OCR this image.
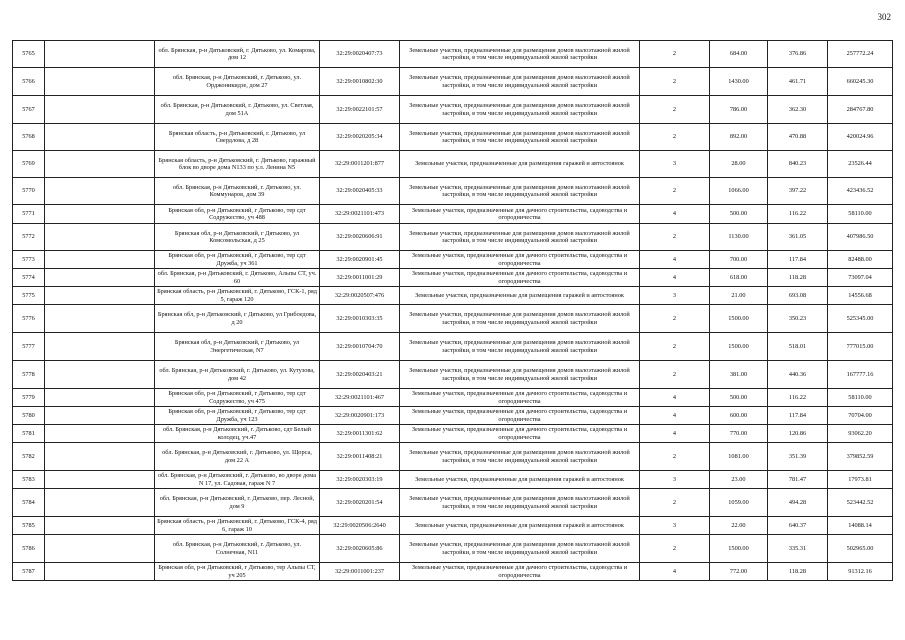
302
5765		обл. Брянская, р-н Дятьковский, г. Дятьково, ул. Комарова, дом 12	32:29:0020407:73	Земельные участки, предназначенные для размещения домов малоэтажной жилой застройки, в том числе индивидуальной жилой застройки	2	684.00	376.86	257772.24
5766		обл. Брянская, р-н Дятьковский, г. Дятьково, ул. Орджоникидзе, дом 27	32:29:0010802:30	Земельные участки, предназначенные для размещения домов малоэтажной жилой застройки, в том числе индивидуальной жилой застройки	2	1430.00	461.71	660245.30
5767		обл. Брянская, р-н Дятьковский, г. Дятьково, ул. Светлая, дом 51А	32:29:0022101:57	Земельные участки, предназначенные для размещения домов малоэтажной жилой застройки, в том числе индивидуальной жилой застройки	2	786.00	362.30	284767.80
5768		Брянская область, р-н Дятьковский, г. Дятьково, ул Свердлова, д 28	32:29:0020205:34	Земельные участки, предназначенные для размещения домов малоэтажной жилой застройки, в том числе индивидуальной жилой застройки	2	892.00	470.88	420024.96
5769		Брянская область, р-н Дятьковский, г. Дятьково, гаражный блок во дворе дома N133 по у.л. Ленина N5	32:29:0011201:877	Земельные участки, предназначенные для размещения гаражей и автостоянок	3	28.00	840.23	23526.44
5770		обл. Брянская, р-н Дятьковский, г. Дятьково, ул. Коммунаров, дом 39	32:29:0020405:33	Земельные участки, предназначенные для размещения домов малоэтажной жилой застройки, в том числе индивидуальной жилой застройки	2	1066.00	397.22	423436.52
5771		Брянская обл, р-н Дятьковский, г Дятьково, тер сдт Содружество, уч 488	32:29:0021101:473	Земельные участки, предназначенные для дачного строительства, садоводства и огородничества	4	500.00	116.22	58110.00
5772		Брянская обл, р-н Дятьковский, г Дятьково, ул Комсомольская, д 25	32:29:0020606:91	Земельные участки, предназначенные для размещения домов малоэтажной жилой застройки, в том числе индивидуальной жилой застройки	2	1130.00	361.05	407986.50
5773		Брянская обл, р-н Дятьковский, г Дятьково, тер сдт Дружба, уч 361	32:29:0020901:45	Земельные участки, предназначенные для дачного строительства, садоводства и огородничества	4	700.00	117.84	82488.00
5774		обл. Брянская, р-н Дятьковский, г. Дятьково, Альпы СТ, уч. 60	32:29:0011001:29	Земельные участки, предназначенные для дачного строительства, садоводства и огородничества	4	618.00	118.28	73097.04
5775		Брянская область, р-н Дятьковский, г. Дятьково, ГСК-1, ряд 5, гараж 120	32:29:0020507:476	Земельные участки, предназначенные для размещения гаражей и автостоянок	3	21.00	693.08	14556.68
5776		Брянская обл, р-н Дятьковский, г Дятьково, ул Грибоедова, д 20	32:29:0010303:35	Земельные участки, предназначенные для размещения домов малоэтажной жилой застройки, в том числе индивидуальной жилой застройки	2	1500.00	350.23	525345.00
5777		Брянская обл, р-н Дятьковский, г Дятьково, ул Энергетическая, N7	32:29:0010704:70	Земельные участки, предназначенные для размещения домов малоэтажной жилой застройки, в том числе индивидуальной жилой застройки	2	1500.00	518.01	777015.00
5778		обл. Брянская, р-н Дятьковский, г. Дятьково, ул. Кутузова, дом 42	32:29:0020403:21	Земельные участки, предназначенные для размещения домов малоэтажной жилой застройки, в том числе индивидуальной жилой застройки	2	381.00	440.36	167777.16
5779		Брянская обл, р-н Дятьковский, г Дятьково, тер сдт Содружество, уч 475	32:29:0021101:467	Земельные участки, предназначенные для дачного строительства, садоводства и огородничества	4	500.00	116.22	58110.00
5780		Брянская обл, р-н Дятьковский, г Дятьково, тер сдт Дружба, уч 123	32:29:0020901:173	Земельные участки, предназначенные для дачного строительства, садоводства и огородничества	4	600.00	117.84	70704.00
5781		обл. Брянская, р-н Дятьковский, г. Дятьково, сдт Белый колодец, уч.47	32:29:0011301:62	Земельные участки, предназначенные для дачного строительства, садоводства и огородничества	4	770.00	120.86	93062.20
5782		обл. Брянская, р-н Дятьковский, г. Дятьково, ул. Щорса, дом 22 А	32:29:0011408:21	Земельные участки, предназначенные для размещения домов малоэтажной жилой застройки, в том числе индивидуальной жилой застройки	2	1081.00	351.39	379852.59
5783		обл. Брянская, р-н Дятьковский, г. Дятьково, во дворе дома N 17, ул. Садовая, гараж N 7	32:29:0020303:19	Земельные участки, предназначенные для размещения гаражей и автостоянок	3	23.00	781.47	17973.81
5784		обл. Брянская, р-н Дятьковский, г. Дятьково, пер. Лесной, дом 9	32:29:0020201:54	Земельные участки, предназначенные для размещения домов малоэтажной жилой застройки, в том числе индивидуальной жилой застройки	2	1059.00	494.28	523442.52
5785		Брянская область, р-н Дятьковский, г. Дятьково, ГСК-4, ряд 6, гараж 10	32:29:0020506:2640	Земельные участки, предназначенные для размещения гаражей и автостоянок	3	22.00	640.37	14088.14
5786		обл. Брянская, р-н Дятьковский, г. Дятьково, ул. Солнечная, N11	32:29:0020605:86	Земельные участки, предназначенные для размещения домов малоэтажной жилой застройки, в том числе индивидуальной жилой застройки	2	1500.00	335.31	502965.00
5787		Брянская обл, р-н Дятьковский, г Дятьково, тер Альпы СТ, уч 205	32:29:0011001:237	Земельные участки, предназначенные для дачного строительства, садоводства и огородничества	4	772.00	118.28	91312.16
